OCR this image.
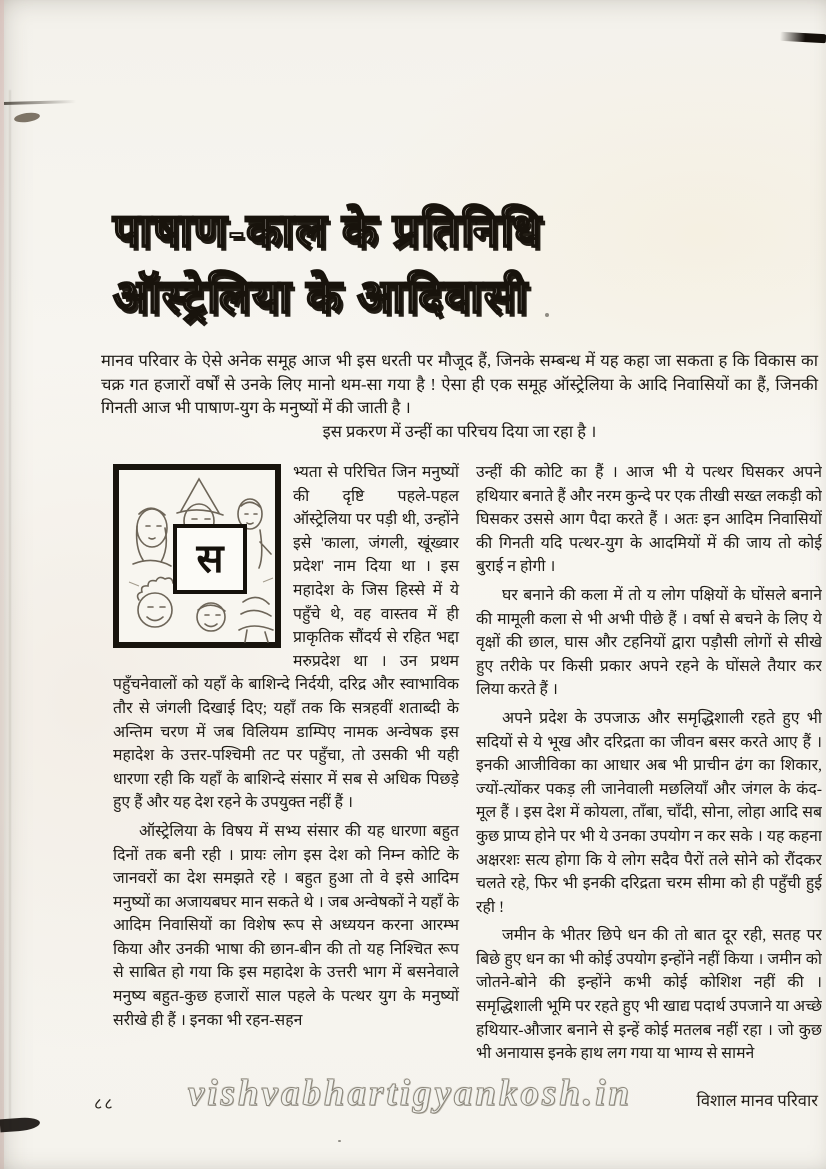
पाषाण-काल के प्रतिनिधि
ऑस्ट्रेलिया के आदिवासी
मानव परिवार के ऐसे अनेक समूह आज भी इस धरती पर मौजूद हैं, जिनके सम्बन्ध में यह कहा जा सकता ह कि विकास का चक्र गत हजारों वर्षों से उनके लिए मानो थम-सा गया है ! ऐसा ही एक समूह ऑस्ट्रेलिया के आदि निवासियों का हैं, जिनकी गिनती आज भी पाषाण-युग के मनुष्यों में की जाती है ।
इस प्रकरण में उन्हीं का परिचय दिया जा रहा है ।

स
भ्यता से परिचित जिन मनुष्यों की दृष्टि पहले-पहल ऑस्ट्रेलिया पर पड़ी थी, उन्होंने इसे 'काला, जंगली, खूंख्वार प्रदेश' नाम दिया था । इस महादेश के जिस हिस्से में ये पहुँचे थे, वह वास्तव में ही प्राकृतिक सौंदर्य से रहित भद्दा मरुप्रदेश था । उन प्रथम पहुँचनेवालों को यहाँ के बाशिन्दे निर्दयी, दरिद्र और स्वाभाविक तौर से जंगली दिखाई दिए; यहाँ तक कि सत्रहवीं शताब्दी के अन्तिम चरण में जब विलियम डाम्पिए नामक अन्वेषक इस महादेश के उत्तर-पश्चिमी तट पर पहुँचा, तो उसकी भी यही धारणा रही कि यहाँ के बाशिन्दे संसार में सब से अधिक पिछड़े हुए हैं और यह देश रहने के उपयुक्त नहीं हैं ।

ऑस्ट्रेलिया के विषय में सभ्य संसार की यह धारणा बहुत दिनों तक बनी रही । प्रायः लोग इस देश को निम्न कोटि के जानवरों का देश समझते रहे । बहुत हुआ तो वे इसे आदिम मनुष्यों का अजायबघर मान सकते थे । जब अन्वेषकों ने यहाँ के आदिम निवासियों का विशेष रूप से अध्ययन करना आरम्भ किया और उनकी भाषा की छान-बीन की तो यह निश्चित रूप से साबित हो गया कि इस महादेश के उत्तरी भाग में बसनेवाले मनुष्य बहुत-कुछ हजारों साल पहले के पत्थर युग के मनुष्यों सरीखे ही हैं । इनका भी रहन-सहन

उन्हीं की कोटि का हैं । आज भी ये पत्थर घिसकर अपने हथियार बनाते हैं और नरम कुन्दे पर एक तीखी सख्त लकड़ी को घिसकर उससे आग पैदा करते हैं । अतः इन आदिम निवासियों की गिनती यदि पत्थर-युग के आदमियों में की जाय तो कोई बुराई न होगी ।

घर बनाने की कला में तो य लोग पक्षियों के घोंसले बनाने की मामूली कला से भी अभी पीछे हैं । वर्षा से बचने के लिए ये वृक्षों की छाल, घास और टहनियों द्वारा पड़ौसी लोगों से सीखे हुए तरीके पर किसी प्रकार अपने रहने के घोंसले तैयार कर लिया करते हैं ।

अपने प्रदेश के उपजाऊ और समृद्धिशाली रहते हुए भी सदियों से ये भूख और दरिद्रता का जीवन बसर करते आए हैं । इनकी आजीविका का आधार अब भी प्राचीन ढंग का शिकार, ज्यों-त्योंकर पकड़ ली जानेवाली मछलियाँ और जंगल के कंद-मूल हैं । इस देश में कोयला, ताँबा, चाँदी, सोना, लोहा आदि सब कुछ प्राप्य होने पर भी ये उनका उपयोग न कर सके । यह कहना अक्षरशः सत्य होगा कि ये लोग सदैव पैरों तले सोने को रौंदकर चलते रहे, फिर भी इनकी दरिद्रता चरम सीमा को ही पहुँची हुई रही !

जमीन के भीतर छिपे धन की तो बात दूर रही, सतह पर बिछे हुए धन का भी कोई उपयोग इन्होंने नहीं किया । जमीन को जोतने-बोने की इन्होंने कभी कोई कोशिश नहीं की । समृद्धिशाली भूमि पर रहते हुए भी खाद्य पदार्थ उपजाने या अच्छे हथियार-औजार बनाने से इन्हें कोई मतलब नहीं रहा । जो कुछ भी अनायास इनके हाथ लग गया या भाग्य से सामने

८८	vishvabhartigyankosh.in	विशाल मानव परिवार
